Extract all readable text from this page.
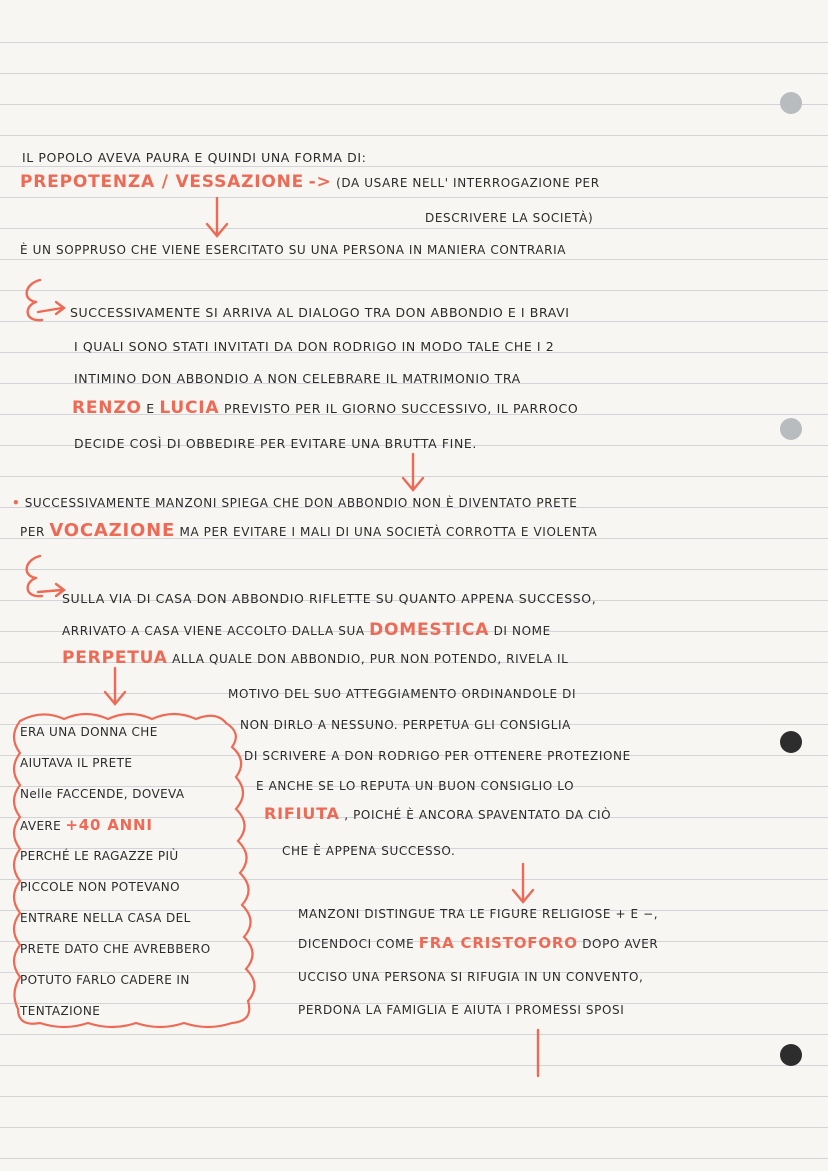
IL POPOLO AVEVA PAURA E QUINDI UNA FORMA DI:
PREPOTENZA / VESSAZIONE -> (DA USARE NELL' INTERROGAZIONE PER
DESCRIVERE LA SOCIETÀ)
È UN SOPPRUSO CHE VIENE ESERCITATO SU UNA PERSONA IN MANIERA CONTRARIA
SUCCESSIVAMENTE SI ARRIVA AL DIALOGO TRA DON ABBONDIO E I BRAVI
I QUALI SONO STATI INVITATI DA DON RODRIGO IN MODO TALE CHE I 2
INTIMINO DON ABBONDIO A NON CELEBRARE IL MATRIMONIO TRA
RENZO E LUCIA PREVISTO PER IL GIORNO SUCCESSIVO, IL PARROCO
DECIDE COSÌ DI OBBEDIRE PER EVITARE UNA BRUTTA FINE.
• SUCCESSIVAMENTE MANZONI SPIEGA CHE DON ABBONDIO NON È DIVENTATO PRETE
PER VOCAZIONE MA PER EVITARE I MALI DI UNA SOCIETÀ CORROTTA E VIOLENTA
SULLA VIA DI CASA DON ABBONDIO RIFLETTE SU QUANTO APPENA SUCCESSO,
ARRIVATO A CASA VIENE ACCOLTO DALLA SUA DOMESTICA DI NOME
PERPETUA ALLA QUALE DON ABBONDIO, PUR NON POTENDO, RIVELA IL
MOTIVO DEL SUO ATTEGGIAMENTO ORDINANDOLE DI
NON DIRLO A NESSUNO. PERPETUA GLI CONSIGLIA
DI SCRIVERE A DON RODRIGO PER OTTENERE PROTEZIONE
E ANCHE SE LO REPUTA UN BUON CONSIGLIO LO
RIFIUTA , POICHÉ È ANCORA SPAVENTATO DA CIÒ
CHE È APPENA SUCCESSO.
MANZONI DISTINGUE TRA LE FIGURE RELIGIOSE + E −,
DICENDOCI COME FRA CRISTOFORO DOPO AVER
UCCISO UNA PERSONA SI RIFUGIA IN UN CONVENTO,
PERDONA LA FAMIGLIA E AIUTA I PROMESSI SPOSI
ERA UNA DONNA CHE
AIUTAVA IL PRETE
Nelle FACCENDE, DOVEVA
AVERE +40 ANNI
PERCHÉ LE RAGAZZE PIÙ
PICCOLE NON POTEVANO
ENTRARE NELLA CASA DEL
PRETE DATO CHE AVREBBERO
POTUTO FARLO CADERE IN
TENTAZIONE
